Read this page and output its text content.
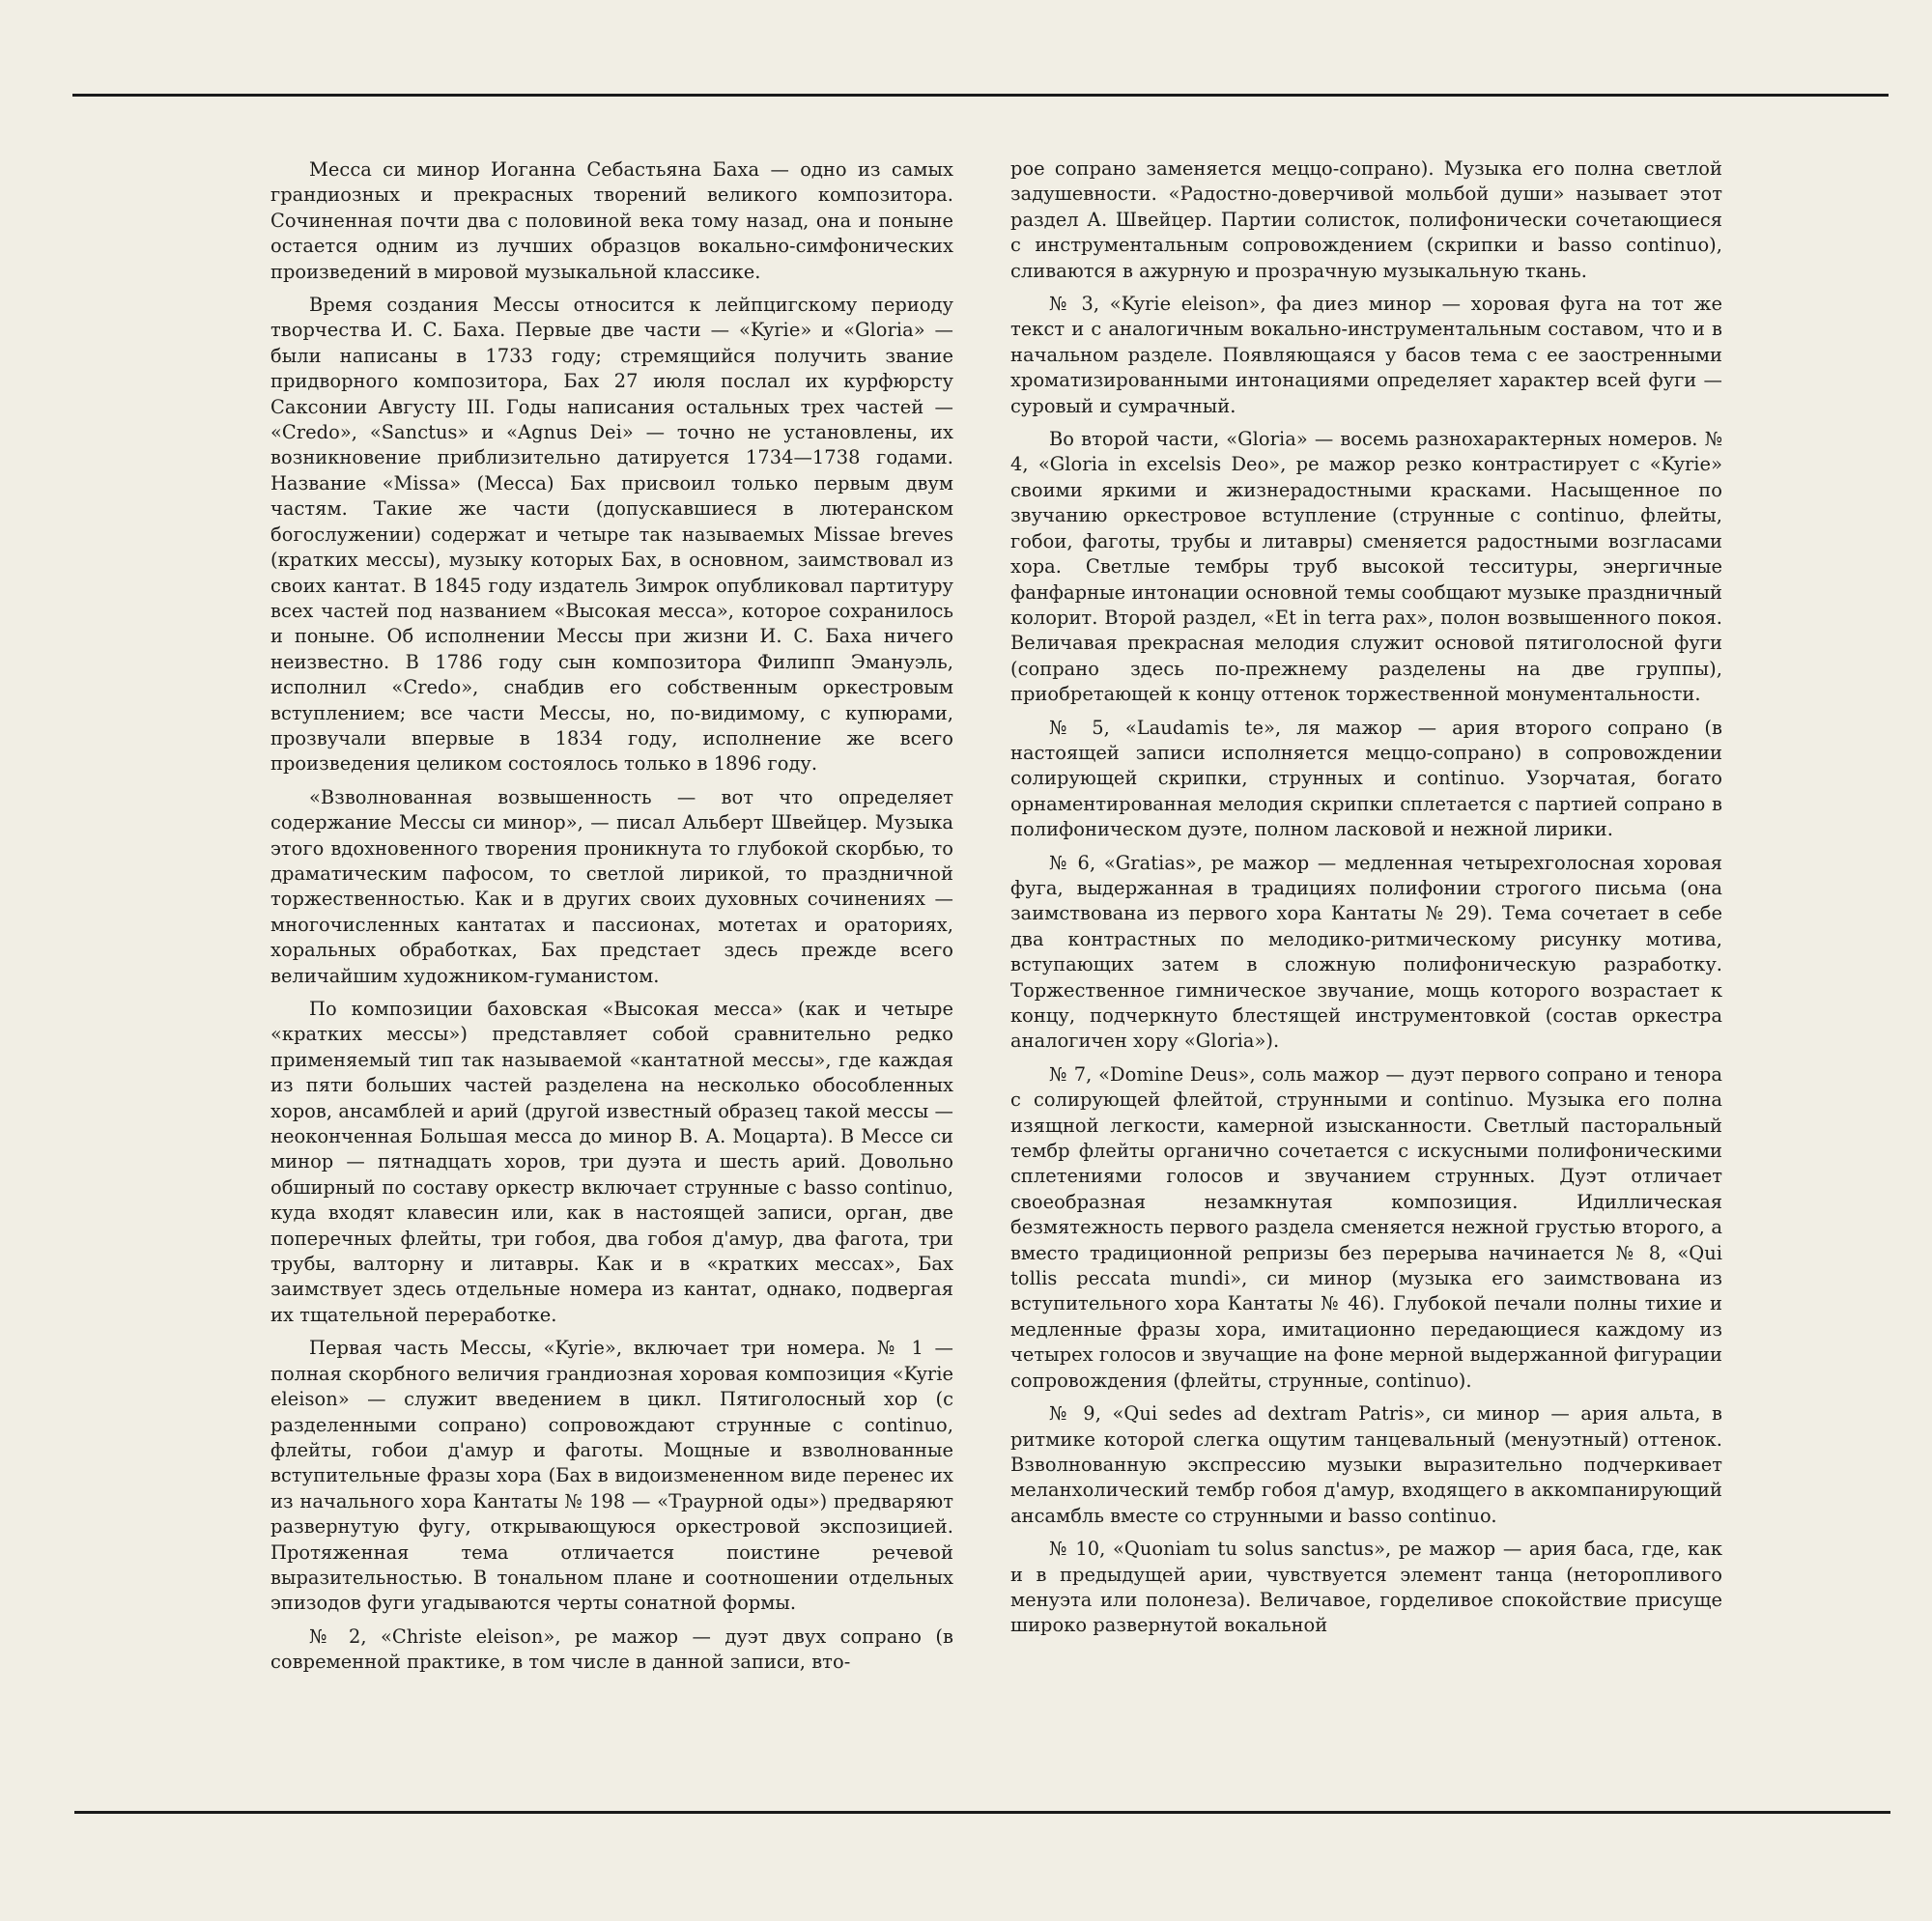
Месса си минор Иоганна Себастьяна Баха — одно из самых грандиозных и прекрасных творений великого композитора. Сочиненная почти два с половиной века тому назад, она и поныне остается одним из лучших образцов вокально-симфонических произведений в мировой музыкальной классике.

Время создания Мессы относится к лейпцигскому периоду творчества И. С. Баха. Первые две части — «Kyrie» и «Gloria» — были написаны в 1733 году; стремящийся получить звание придворного композитора, Бах 27 июля послал их курфюрсту Саксонии Августу III. Годы написания остальных трех частей — «Credo», «Sanctus» и «Agnus Dei» — точно не установлены, их возникновение приблизительно датируется 1734—1738 годами. Название «Missa» (Месса) Бах присвоил только первым двум частям. Такие же части (допускавшиеся в лютеранском богослужении) содержат и четыре так называемых Missae breves (кратких мессы), музыку которых Бах, в основном, заимствовал из своих кантат. В 1845 году издатель Зимрок опубликовал партитуру всех частей под названием «Высокая месса», которое сохранилось и поныне. Об исполнении Мессы при жизни И. С. Баха ничего неизвестно. В 1786 году сын композитора Филипп Эмануэль, исполнил «Credo», снабдив его собственным оркестровым вступлением; все части Мессы, но, по-видимому, с купюрами, прозвучали впервые в 1834 году, исполнение же всего произведения целиком состоялось только в 1896 году.

«Взволнованная возвышенность — вот что определяет содержание Мессы си минор», — писал Альберт Швейцер. Музыка этого вдохновенного творения проникнута то глубокой скорбью, то драматическим пафосом, то светлой лирикой, то праздничной торжественностью. Как и в других своих духовных сочинениях — многочисленных кантатах и пассионах, мотетах и ораториях, хоральных обработках, Бах предстает здесь прежде всего величайшим художником-гуманистом.

По композиции баховская «Высокая месса» (как и четыре «кратких мессы») представляет собой сравнительно редко применяемый тип так называемой «кантатной мессы», где каждая из пяти больших частей разделена на несколько обособленных хоров, ансамблей и арий (другой известный образец такой мессы — неоконченная Большая месса до минор В. А. Моцарта). В Мессе си минор — пятнадцать хоров, три дуэта и шесть арий. Довольно обширный по составу оркестр включает струнные с basso continuo, куда входят клавесин или, как в настоящей записи, орган, две поперечных флейты, три гобоя, два гобоя д'амур, два фагота, три трубы, валторну и литавры. Как и в «кратких мессах», Бах заимствует здесь отдельные номера из кантат, однако, подвергая их тщательной переработке.

Первая часть Мессы, «Kyrie», включает три номера. № 1 — полная скорбного величия грандиозная хоровая композиция «Kyrie eleison» — служит введением в цикл. Пятиголосный хор (с разделенными сопрано) сопровождают струнные с continuo, флейты, гобои д'амур и фаготы. Мощные и взволнованные вступительные фразы хора (Бах в видоизмененном виде перенес их из начального хора Кантаты № 198 — «Траурной оды») предваряют развернутую фугу, открывающуюся оркестровой экспозицией. Протяженная тема отличается поистине речевой выразительностью. В тональном плане и соотношении отдельных эпизодов фуги угадываются черты сонатной формы.

№ 2, «Christe eleison», ре мажор — дуэт двух сопрано (в современной практике, в том числе в данной записи, вто-

рое сопрано заменяется меццо-сопрано). Музыка его полна светлой задушевности. «Радостно-доверчивой мольбой души» называет этот раздел А. Швейцер. Партии солисток, полифонически сочетающиеся с инструментальным сопровождением (скрипки и basso continuo), сливаются в ажурную и прозрачную музыкальную ткань.

№ 3, «Kyrie eleison», фа диез минор — хоровая фуга на тот же текст и с аналогичным вокально-инструментальным составом, что и в начальном разделе. Появляющаяся у басов тема с ее заостренными хроматизированными интонациями определяет характер всей фуги — суровый и сумрачный.

Во второй части, «Gloria» — восемь разнохарактерных номеров. № 4, «Gloria in excelsis Deo», ре мажор резко контрастирует с «Kyrie» своими яркими и жизнерадостными красками. Насыщенное по звучанию оркестровое вступление (струнные с continuo, флейты, гобои, фаготы, трубы и литавры) сменяется радостными возгласами хора. Светлые тембры труб высокой тесситуры, энергичные фанфарные интонации основной темы сообщают музыке праздничный колорит. Второй раздел, «Et in terra pax», полон возвышенного покоя. Величавая прекрасная мелодия служит основой пятиголосной фуги (сопрано здесь по-прежнему разделены на две группы), приобретающей к концу оттенок торжественной монументальности.

№ 5, «Laudamis te», ля мажор — ария второго сопрано (в настоящей записи исполняется меццо-сопрано) в сопровождении солирующей скрипки, струнных и continuo. Узорчатая, богато орнаментированная мелодия скрипки сплетается с партией сопрано в полифоническом дуэте, полном ласковой и нежной лирики.

№ 6, «Gratias», ре мажор — медленная четырехголосная хоровая фуга, выдержанная в традициях полифонии строгого письма (она заимствована из первого хора Кантаты № 29). Тема сочетает в себе два контрастных по мелодико-ритмическому рисунку мотива, вступающих затем в сложную полифоническую разработку. Торжественное гимническое звучание, мощь которого возрастает к концу, подчеркнуто блестящей инструментовкой (состав оркестра аналогичен хору «Gloria»).

№ 7, «Domine Deus», соль мажор — дуэт первого сопрано и тенора с солирующей флейтой, струнными и continuo. Музыка его полна изящной легкости, камерной изысканности. Светлый пасторальный тембр флейты органично сочетается с искусными полифоническими сплетениями голосов и звучанием струнных. Дуэт отличает своеобразная незамкнутая композиция. Идиллическая безмятежность первого раздела сменяется нежной грустью второго, а вместо традиционной репризы без перерыва начинается № 8, «Qui tollis peccata mundi», си минор (музыка его заимствована из вступительного хора Кантаты № 46). Глубокой печали полны тихие и медленные фразы хора, имитационно передающиеся каждому из четырех голосов и звучащие на фоне мерной выдержанной фигурации сопровождения (флейты, струнные, continuo).

№ 9, «Qui sedes ad dextram Patris», си минор — ария альта, в ритмике которой слегка ощутим танцевальный (менуэтный) оттенок. Взволнованную экспрессию музыки выразительно подчеркивает меланхолический тембр гобоя д'амур, входящего в аккомпанирующий ансамбль вместе со струнными и basso continuo.

№ 10, «Quoniam tu solus sanctus», ре мажор — ария баса, где, как и в предыдущей арии, чувствуется элемент танца (неторопливого менуэта или полонеза). Величавое, горделивое спокойствие присуще широко развернутой вокальной
